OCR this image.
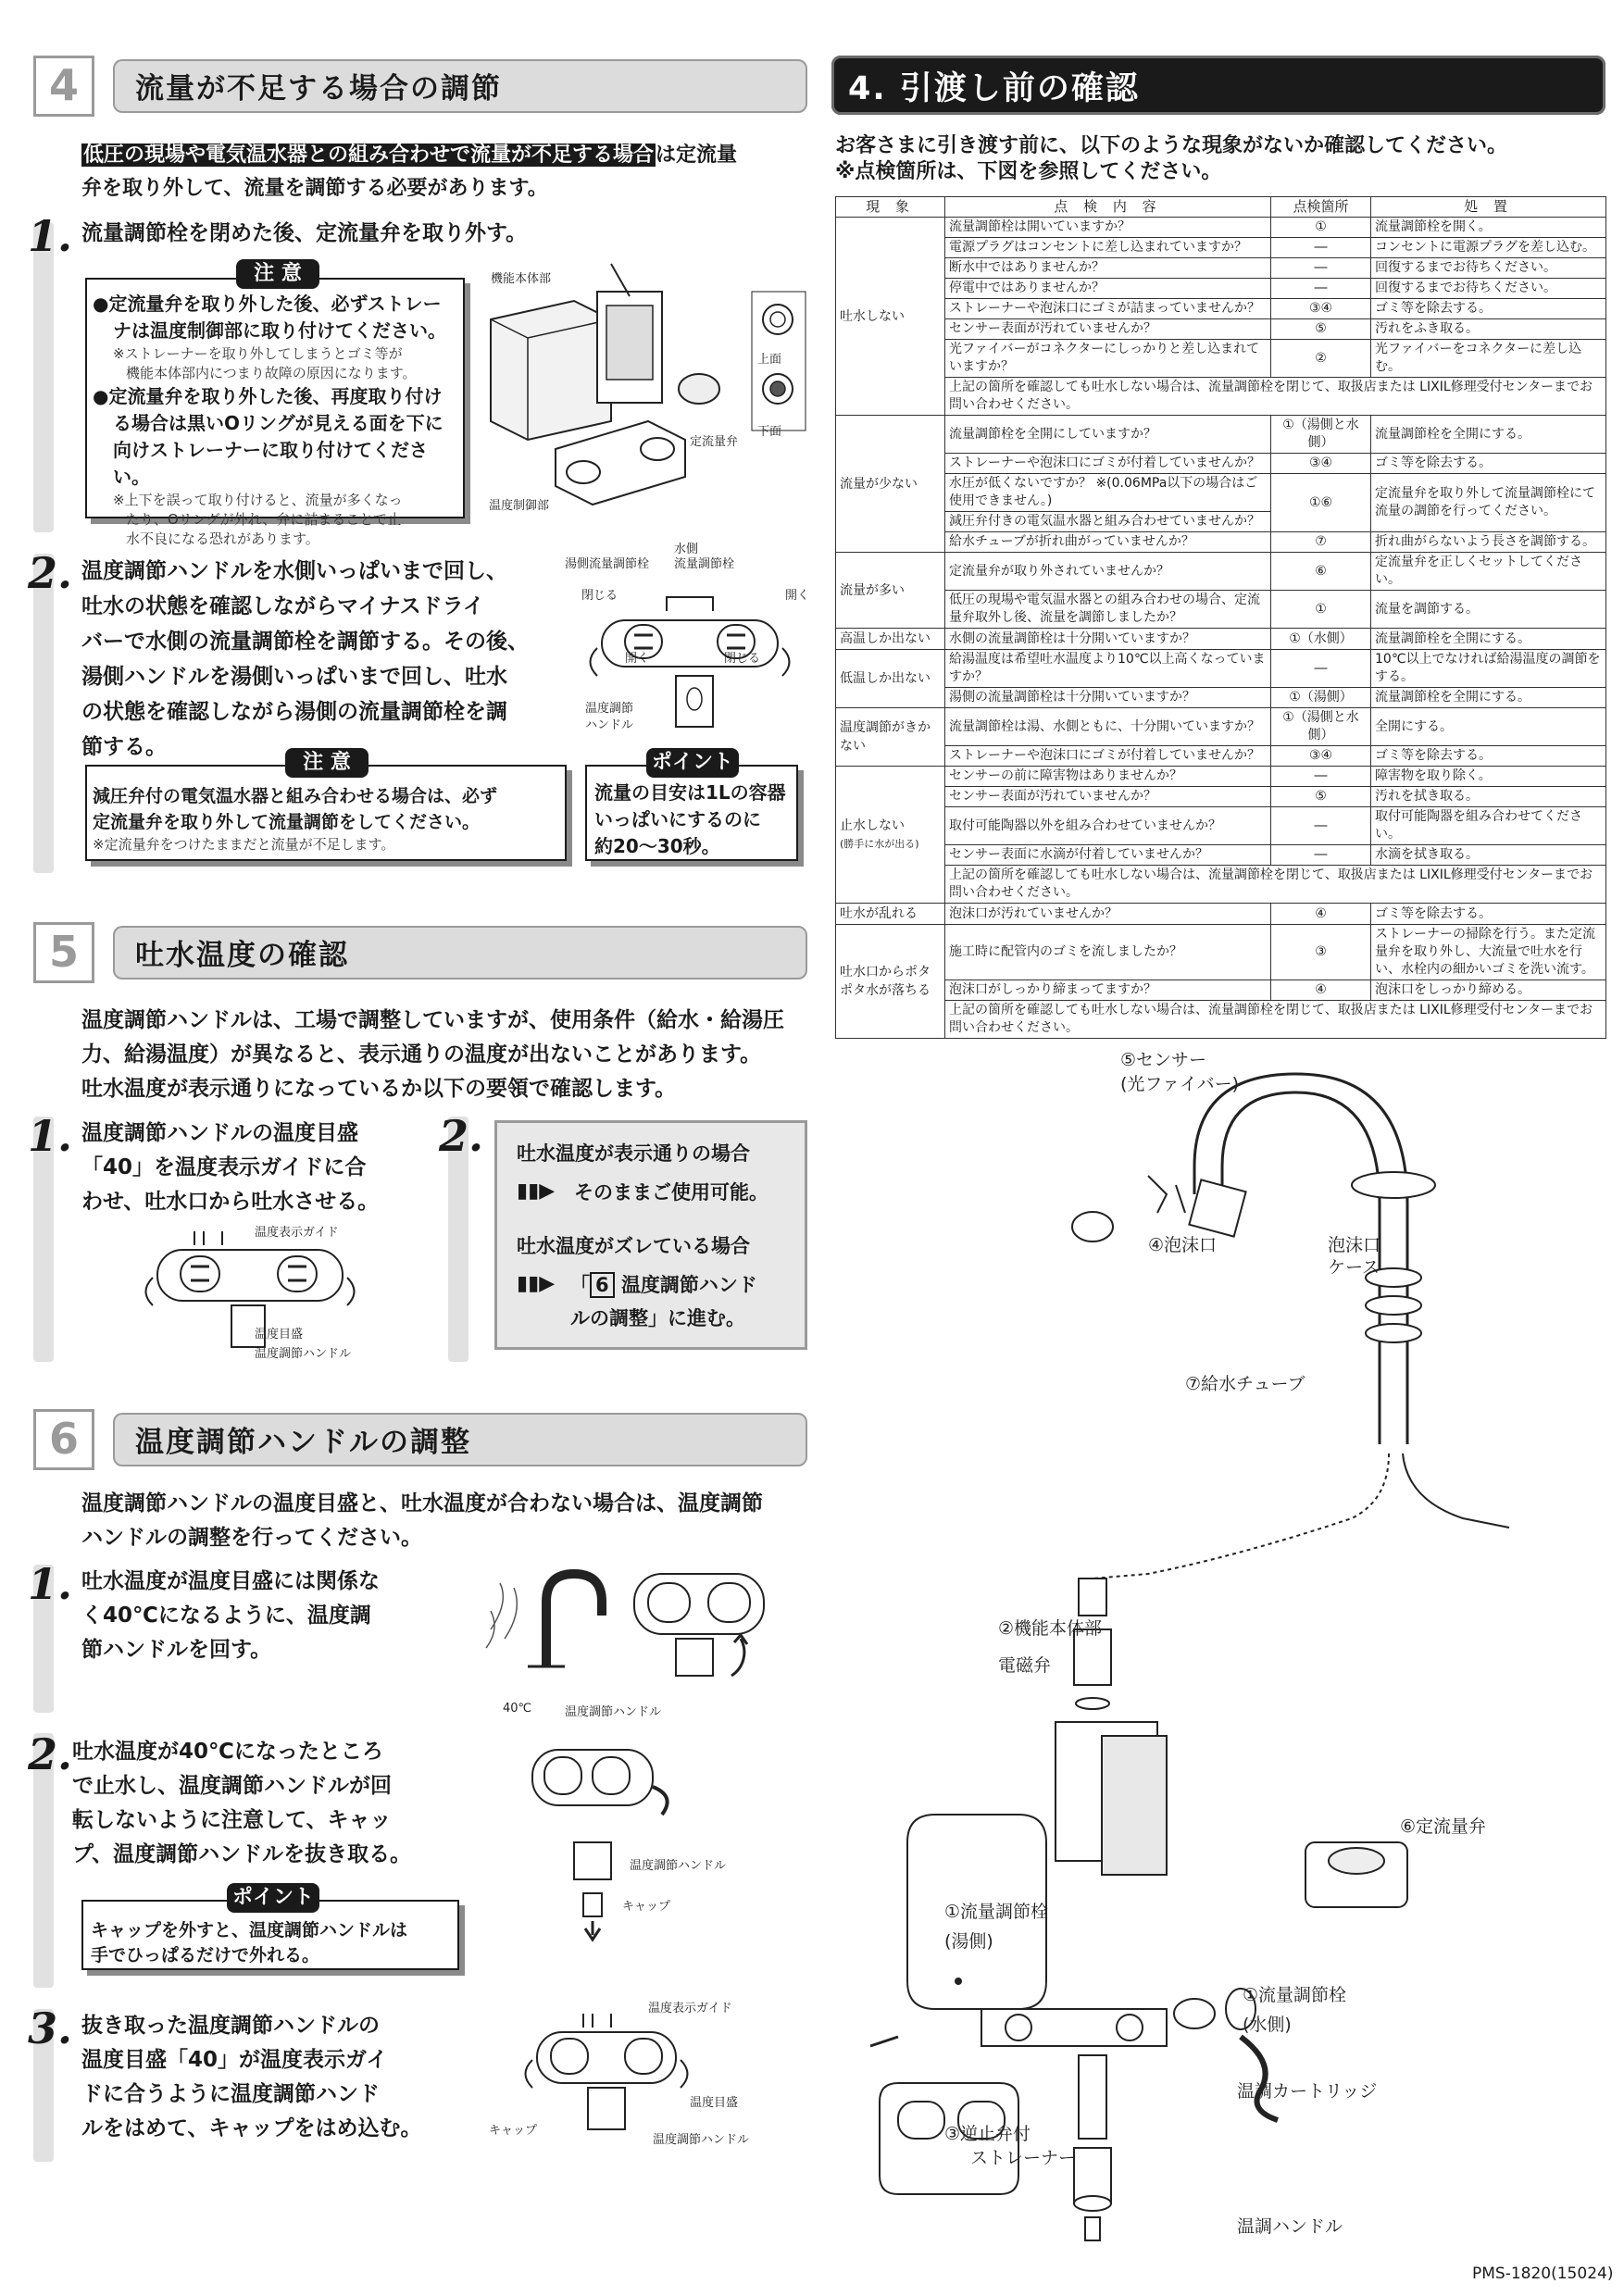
4	流量が不足する場合の調節
低圧の現場や電気温水器との組み合わせで流量が不足する場合は定流量
弁を取り外して、流量を調節する必要があります。
1. 流量調節栓を閉めた後、定流量弁を取り外す。
注 意
●定流量弁を取り外した後、必ずストレー
ナは温度制御部に取り付けてください。
※ストレーナーを取り外してしまうとゴミ等が
機能本体部内につまり故障の原因になります。
●定流量弁を取り外した後、再度取り付け
る場合は黒いOリングが見える面を下に
向けストレーナーに取り付けてください。
※上下を誤って取り付けると、流量が多くなっ
たり、Oリングが外れ、弁に詰まることで止
水不良になる恐れがあります。
機能本体部
上面
下面
定流量弁
温度制御部
2. 温度調節ハンドルを水側いっぱいまで回し、
吐水の状態を確認しながらマイナスドライ
バーで水側の流量調節栓を調節する。その後、
湯側ハンドルを湯側いっぱいまで回し、吐水
の状態を確認しながら湯側の流量調節栓を調
節する。
湯側流量調節栓
水側
流量調節栓
閉じる
開く
開く
閉じる
温度調節
ハンドル
注 意
減圧弁付の電気温水器と組み合わせる場合は、必ず
定流量弁を取り外して流量調節をしてください。
※定流量弁をつけたままだと流量が不足します。
ポイント
流量の目安は1Lの容器
いっぱいにするのに
約20〜30秒。
5	吐水温度の確認
温度調節ハンドルは、工場で調整していますが、使用条件（給水・給湯圧
力、給湯温度）が異なると、表示通りの温度が出ないことがあります。
吐水温度が表示通りになっているか以下の要領で確認します。
1. 温度調節ハンドルの温度目盛
「40」を温度表示ガイドに合
わせ、吐水口から吐水させる。
温度表示ガイド
温度目盛
温度調節ハンドル
2. 吐水温度が表示通りの場合
▮▮▶ そのままご使用可能。
吐水温度がズレている場合
▮▮▶ 「 6 温度調節ハンド
ルの調整」に進む。
6	温度調節ハンドルの調整
温度調節ハンドルの温度目盛と、吐水温度が合わない場合は、温度調節
ハンドルの調整を行ってください。
1. 吐水温度が温度目盛には関係な
く40℃になるように、温度調
節ハンドルを回す。
40℃	温度調節ハンドル
2. 吐水温度が40℃になったところ
で止水し、温度調節ハンドルが回
転しないように注意して、キャッ
プ、温度調節ハンドルを抜き取る。	温度調節ハンドル
キャップ
ポイント
キャップを外すと、温度調節ハンドルは
手でひっぱるだけで外れる。
3. 抜き取った温度調節ハンドルの
温度目盛「40」が温度表示ガイ
ドに合うように温度調節ハンド
ルをはめて、キャップをはめ込む。
温度表示ガイド
温度目盛
キャップ
温度調節ハンドル
4. 引渡し前の確認
お客さまに引き渡す前に、以下のような現象がないか確認してください。
※点検箇所は、下図を参照してください。
現 象	点 検 内 容	点検箇所	処 置
吐水しない	流量調節栓は開いていますか？	①	流量調節栓を開く。
	電源プラグはコンセントに差し込まれていますか？	―	コンセントに電源プラグを差し込む。
	断水中ではありませんか？	―	回復するまでお待ちください。
	停電中ではありませんか？	―	回復するまでお待ちください。
	ストレーナーや泡沫口にゴミが詰まっていませんか？	③④	ゴミ等を除去する。
	センサー表面が汚れていませんか？	⑤	汚れをふき取る。
	光ファイバーがコネクターにしっかりと差し込まれていますか？	②	光ファイバーをコネクターに差し込む。
	上記の箇所を確認しても吐水しない場合は、流量調節栓を閉じて、取扱店または LIXIL修理受付センターまでお問い合わせください。		
流量が少ない	流量調節栓を全開にしていますか？	①（湯側と水側）	流量調節栓を全開にする。
	ストレーナーや泡沫口にゴミが付着していませんか？	③④	ゴミ等を除去する。
	水圧が低くないですか？ ※(0.06MPa以下の場合はご使用できません。)	①⑥	定流量弁を取り外して流量調節栓にて流量の調節を行ってください。
	減圧弁付きの電気温水器と組み合わせていませんか？		
	給水チューブが折れ曲がっていませんか？	⑦	折れ曲がらないよう長さを調節する。
流量が多い	定流量弁が取り外されていませんか？	⑥	定流量弁を正しくセットしてください。
	低圧の現場や電気温水器との組み合わせの場合、定流量弁取外し後、流量を調節しましたか？	①	流量を調節する。
高温しか出ない	水側の流量調節栓は十分開いていますか？	①（水側）	流量調節栓を全開にする。
低温しか出ない	給湯温度は希望吐水温度より10℃以上高くなっていますか？	―	10℃以上でなければ給湯温度の調節をする。
	湯側の流量調節栓は十分開いていますか？	①（湯側）	流量調節栓を全開にする。
温度調節がきかない	流量調節栓は湯、水側ともに、十分開いていますか？	①（湯側と水側）	全開にする。
	ストレーナーや泡沫口にゴミが付着していませんか？	③④	ゴミ等を除去する。
止水しない
(勝手に水が出る)	センサーの前に障害物はありませんか？	―	障害物を取り除く。
	センサー表面が汚れていませんか？	⑤	汚れを拭き取る。
	取付可能陶器以外を組み合わせていませんか？	―	取付可能陶器を組み合わせてください。
	センサー表面に水滴が付着していませんか？	―	水滴を拭き取る。
	上記の箇所を確認しても吐水しない場合は、流量調節栓を閉じて、取扱店または LIXIL修理受付センターまでお問い合わせください。		
吐水が乱れる	泡沫口が汚れていませんか？	④	ゴミ等を除去する。
吐水口からポタポタ水が落ちる	施工時に配管内のゴミを流しましたか？	③	ストレーナーの掃除を行う。また定流量弁を取り外し、大流量で吐水を行い、水栓内の細かいゴミを洗い流す。
	泡沫口がしっかり締まってますか？	④	泡沫口をしっかり締める。
	上記の箇所を確認しても吐水しない場合は、流量調節栓を閉じて、取扱店または LIXIL修理受付センターまでお問い合わせください。		
⑤センサー
(光ファイバー)
④泡沫口	泡沫口
ケース
⑦給水チューブ
②機能本体部
電磁弁
⑥定流量弁
①流量調節栓
(湯側)
①流量調節栓
(水側)
温調カートリッジ
③逆止弁付
ストレーナー
温調ハンドル
PMS-1820(15024)
